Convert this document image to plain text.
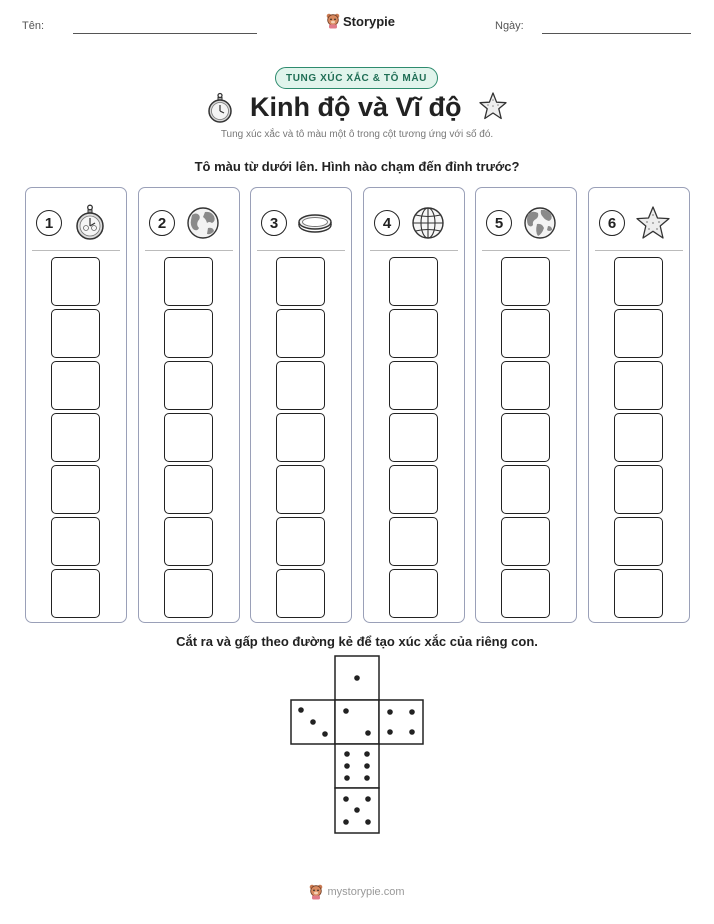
Tên:	Storypie	Ngày:
TUNG XÚC XẮC & TÔ MÀU
Kinh độ và Vĩ độ
Tung xúc xắc và tô màu một ô trong cột tương ứng với số đó.
Tô màu từ dưới lên. Hình nào chạm đến đỉnh trước?
1	2	3	4	5	6
Cắt ra và gấp theo đường kẻ để tạo xúc xắc của riêng con.
mystorypie.com
